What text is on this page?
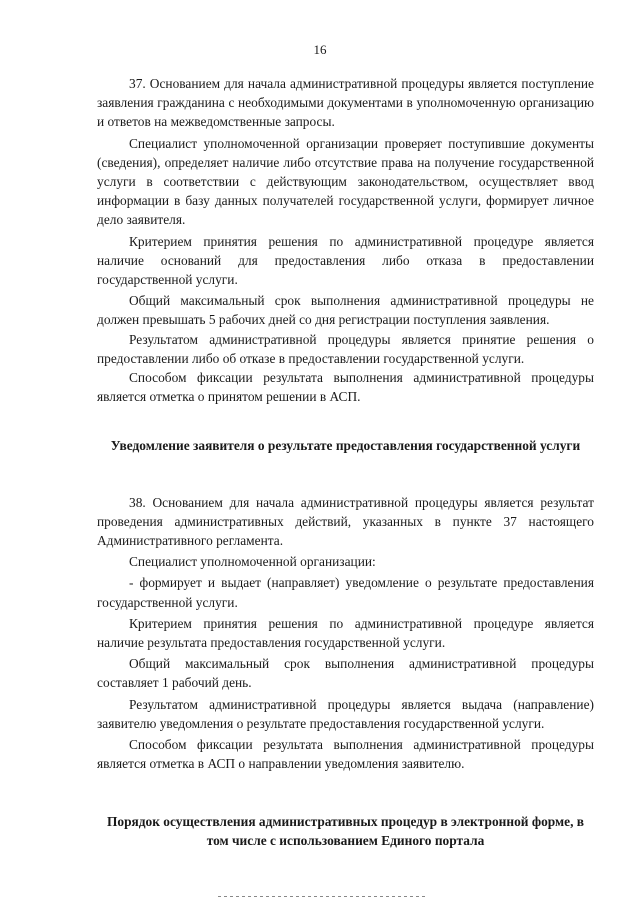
16

37. Основанием для начала административной процедуры является поступление заявления гражданина с необходимыми документами в уполномоченную организацию и ответов на межведомственные запросы.

Специалист уполномоченной организации проверяет поступившие документы (сведения), определяет наличие либо отсутствие права на получение государственной услуги в соответствии с действующим законодательством, осуществляет ввод информации в базу данных получателей государственной услуги, формирует личное дело заявителя.

Критерием принятия решения по административной процедуре является наличие оснований для предоставления либо отказа в предоставлении государственной услуги.

Общий максимальный срок выполнения административной процедуры не должен превышать 5 рабочих дней со дня регистрации поступления заявления.

Результатом административной процедуры является принятие решения о предоставлении либо об отказе в предоставлении государственной услуги.

Способом фиксации результата выполнения административной процедуры является отметка о принятом решении в АСП.

Уведомление заявителя о результате предоставления государственной услуги

38. Основанием для начала административной процедуры является результат проведения административных действий, указанных в пункте 37 настоящего Административного регламента.

Специалист уполномоченной организации:

- формирует и выдает (направляет) уведомление о результате предоставления государственной услуги.

Критерием принятия решения по административной процедуре является наличие результата предоставления государственной услуги.

Общий максимальный срок выполнения административной процедуры составляет 1 рабочий день.

Результатом административной процедуры является выдача (направление) заявителю уведомления о результате предоставления государственной услуги.

Способом фиксации результата выполнения административной процедуры является отметка в АСП о направлении уведомления заявителю.

Порядок осуществления административных процедур в электронной форме, в том числе с использованием Единого портала
